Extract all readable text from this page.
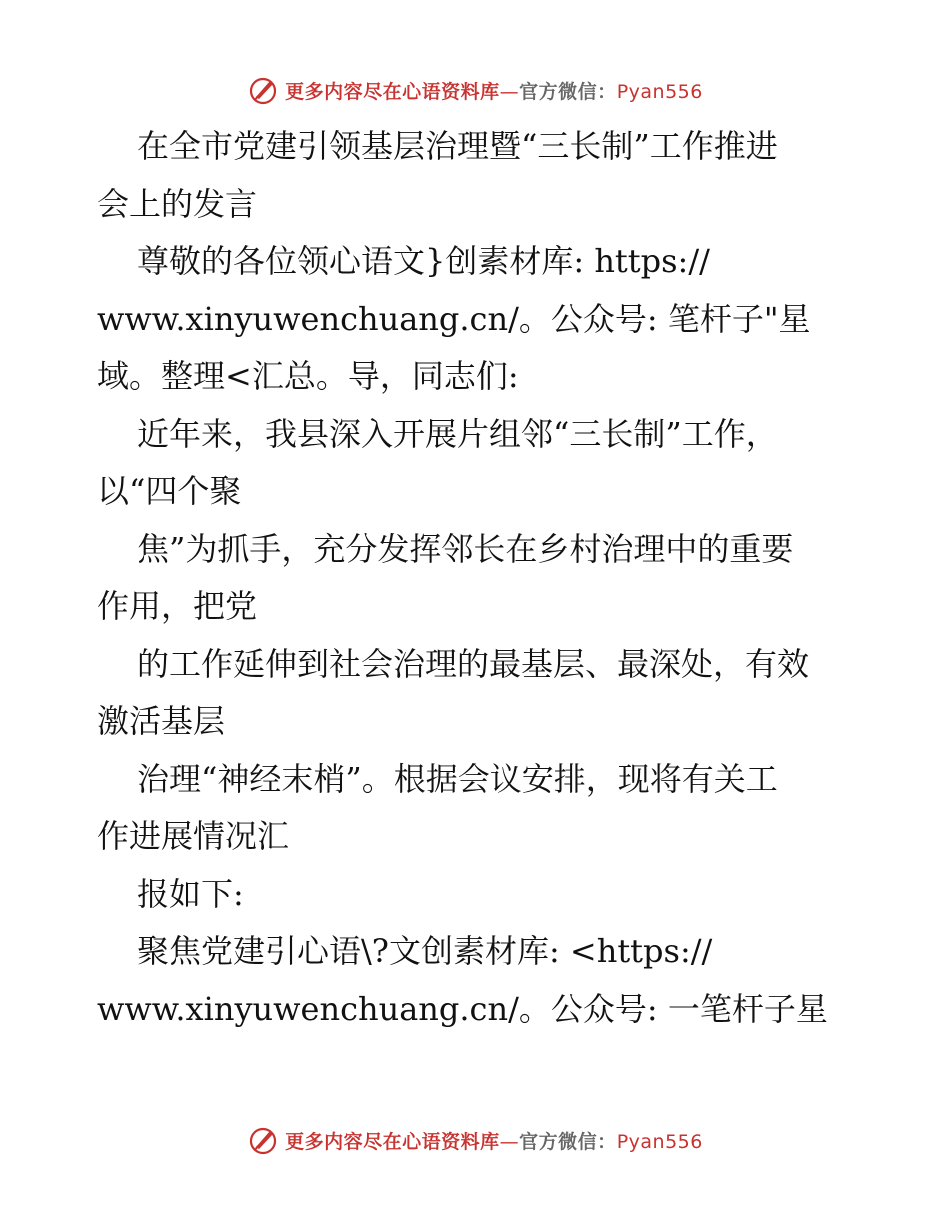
更多内容尽在心语资料库—官方微信：Pyan556
在全市党建引领基层治理暨“三长制”工作推进
会上的发言
尊敬的各位领心语文}创素材库: https://
www.xinyuwenchuang.cn/。公众号: 笔杆子"星
域。整理<汇总。导，同志们:
近年来，我县深入开展片组邻“三长制”工作，
以“四个聚
焦”为抓手，充分发挥邻长在乡村治理中的重要
作用，把党
的工作延伸到社会治理的最基层、最深处，有效
激活基层
治理“神经末梢”。根据会议安排，现将有关工
作进展情况汇
报如下:
聚焦党建引心语\?文创素材库: <https://
www.xinyuwenchuang.cn/。公众号: 一笔杆子星
更多内容尽在心语资料库—官方微信：Pyan556
